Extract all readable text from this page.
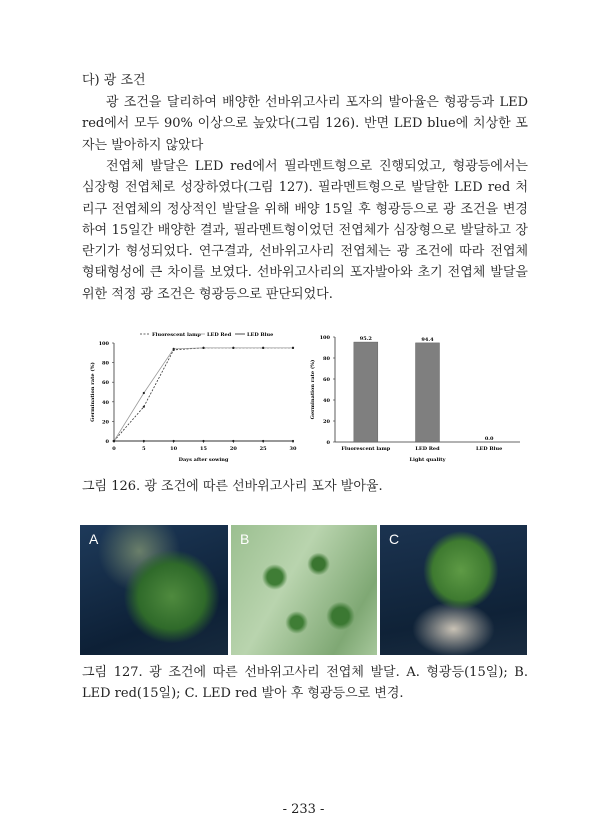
다) 광 조건
광 조건을 달리하여 배양한 선바위고사리 포자의 발아율은 형광등과 LED red에서 모두 90% 이상으로 높았다(그림 126). 반면 LED blue에 치상한 포자는 발아하지 않았다
전엽체 발달은 LED red에서 필라멘트형으로 진행되었고, 형광등에서는 심장형 전엽체로 성장하였다(그림 127). 필라멘트형으로 발달한 LED red 처리구 전엽체의 정상적인 발달을 위해 배양 15일 후 형광등으로 광 조건을 변경하여 15일간 배양한 결과, 필라멘트형이었던 전엽체가 심장형으로 발달하고 장란기가 형성되었다. 연구결과, 선바위고사리 전엽체는 광 조건에 따라 전엽체 형태형성에 큰 차이를 보였다. 선바위고사리의 포자발아와 초기 전엽체 발달을 위한 적정 광 조건은 형광등으로 판단되었다.
0
20
40
60
80
100
0	5	10	15	20	25	30
Days after sowing
Germination rate (%)
Fluorescent lamp LED Red	LED Blue
0
20
40
60
80
100	95.2
Fluorescent lamp
94.4
LED Red
0.0
LED Blue
Light quality
Germination rate (%)
그림 126. 광 조건에 따른 선바위고사리 포자 발아율.
A	B	C
그림 127. 광 조건에 따른 선바위고사리 전엽체 발달. A. 형광등(15일); B. LED red(15일); C. LED red 발아 후 형광등으로 변경.
- 233 -
